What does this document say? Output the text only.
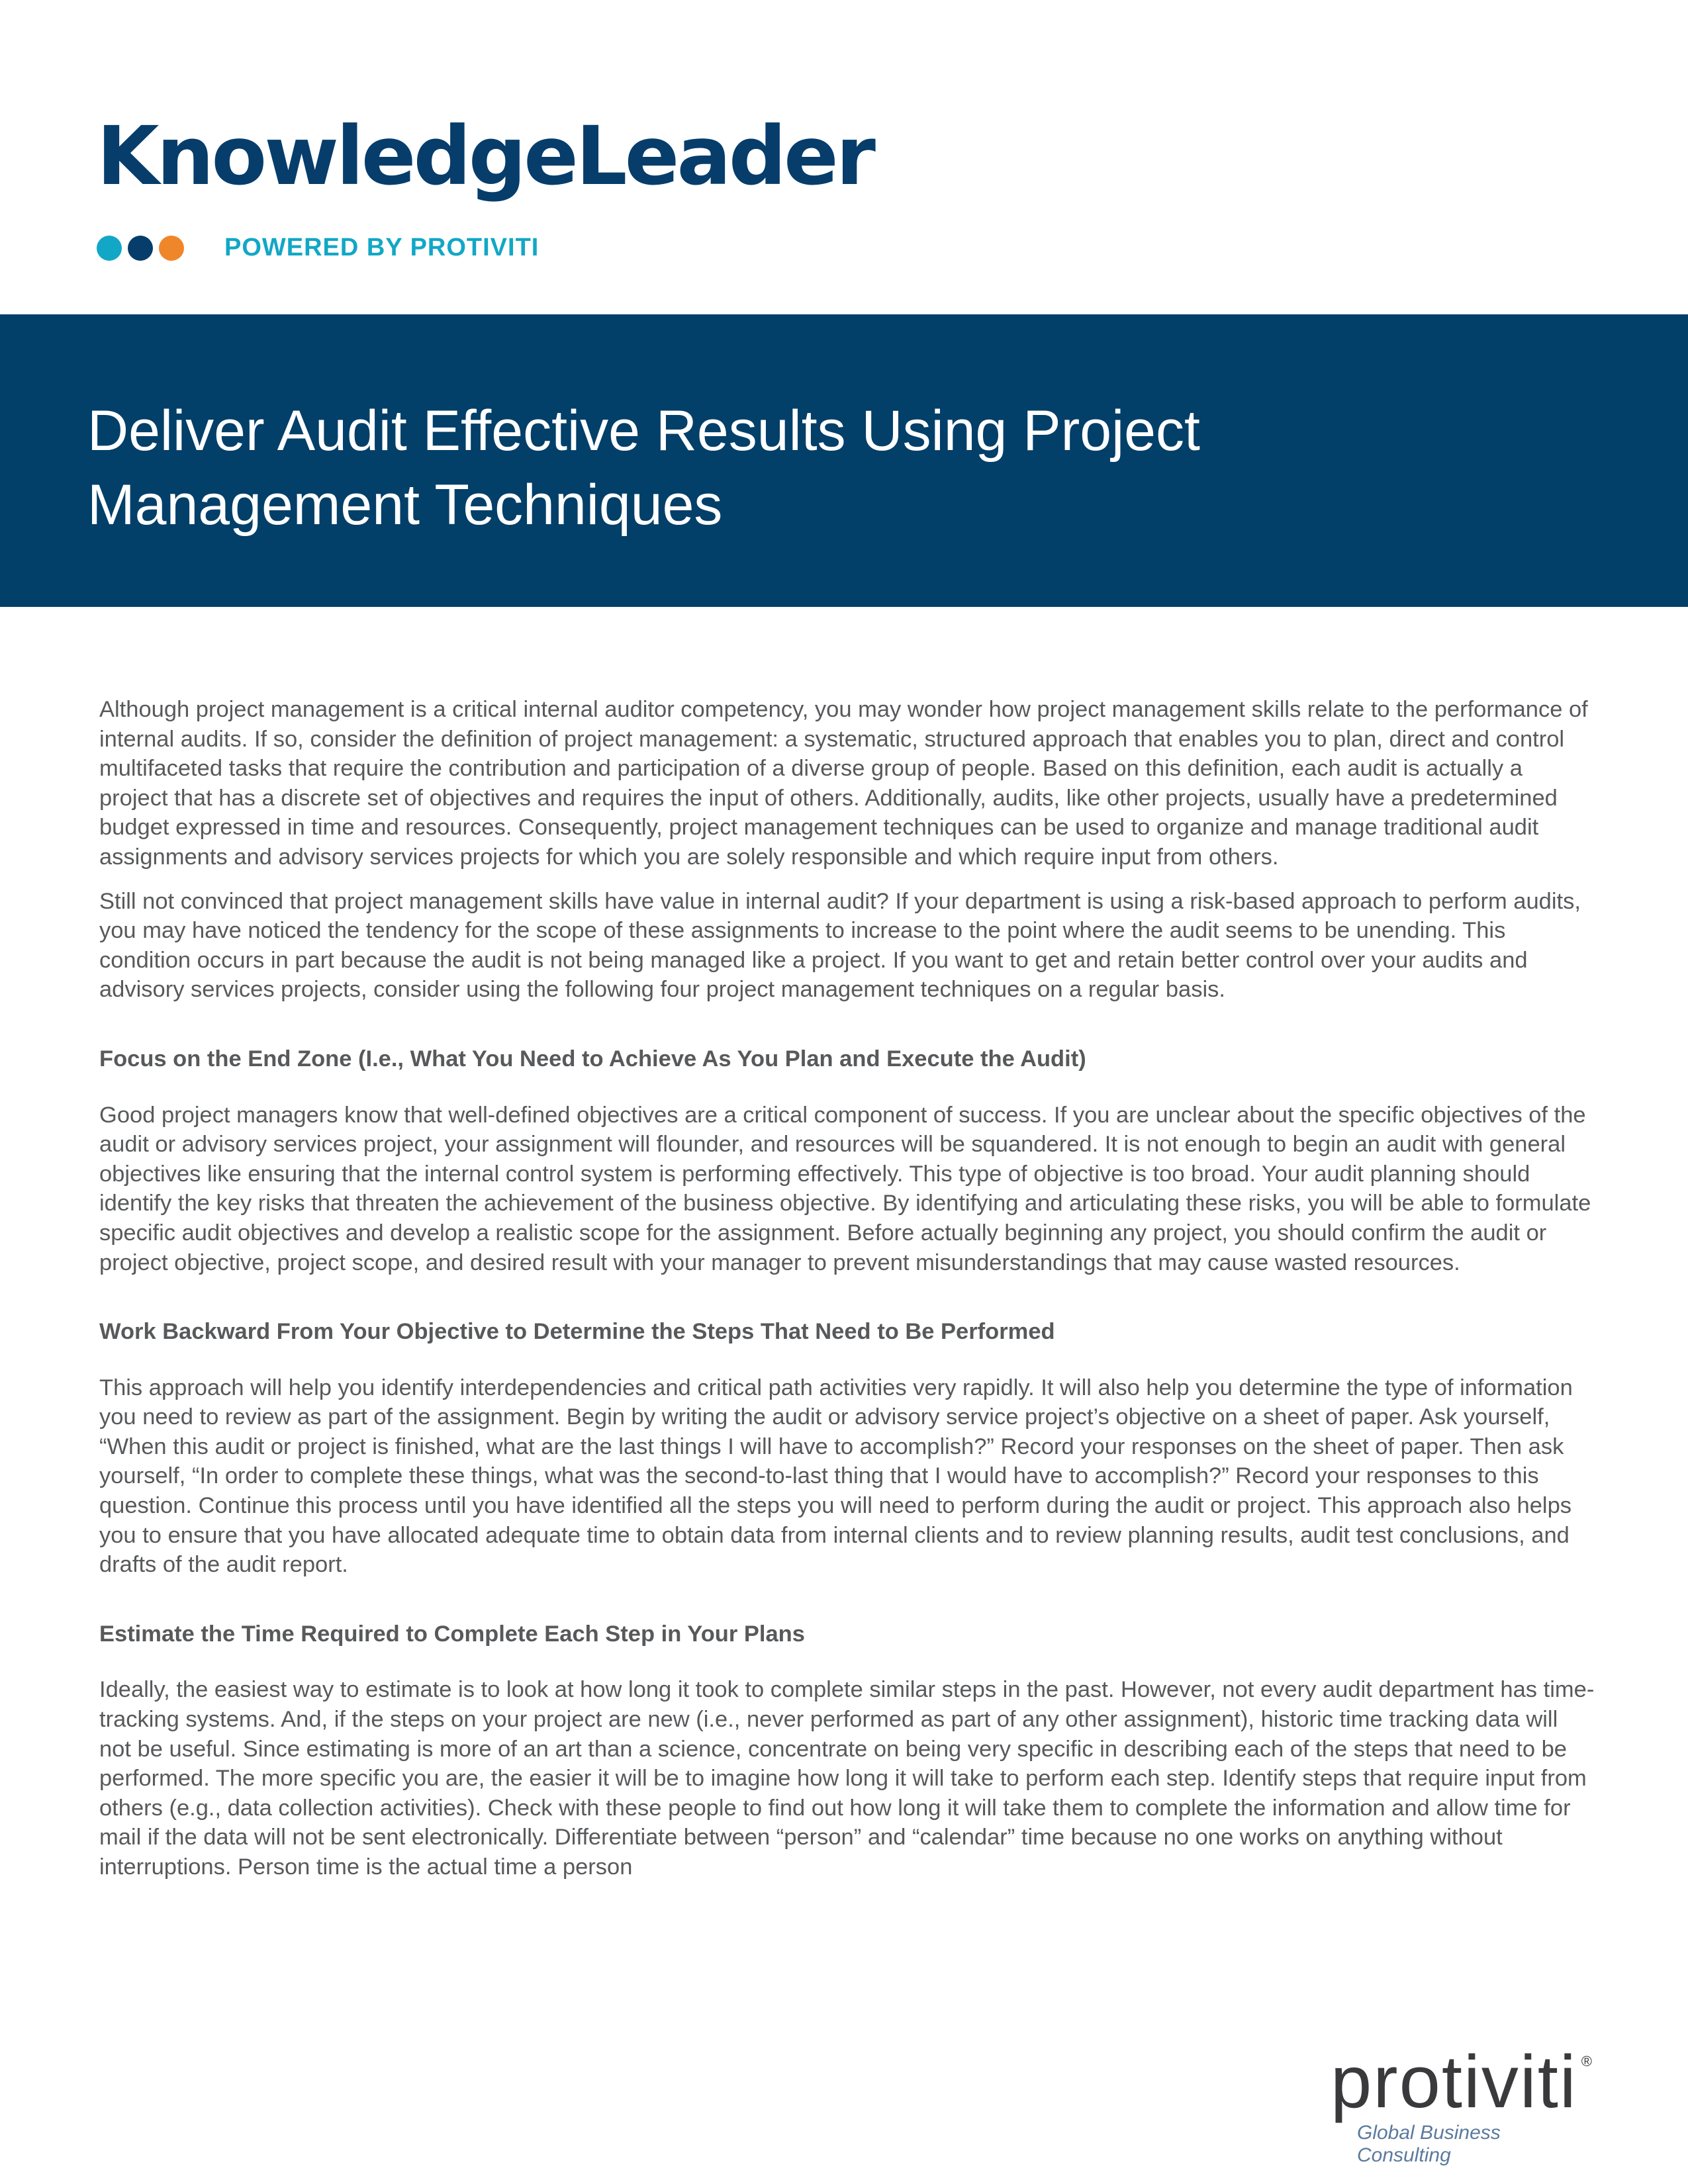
KnowledgeLeader
POWERED BY PROTIVITI
Deliver Audit Effective Results Using Project
Management Techniques

Although project management is a critical internal auditor competency, you may wonder how project management skills relate to the performance of internal audits. If so, consider the definition of project management: a systematic, structured approach that enables you to plan, direct and control multifaceted tasks that require the contribution and participation of a diverse group of people. Based on this definition, each audit is actually a project that has a discrete set of objectives and requires the input of others. Additionally, audits, like other projects, usually have a predetermined budget expressed in time and resources. Consequently, project management techniques can be used to organize and manage traditional audit assignments and advisory services projects for which you are solely responsible and which require input from others.

Still not convinced that project management skills have value in internal audit? If your department is using a risk-based approach to perform audits, you may have noticed the tendency for the scope of these assignments to increase to the point where the audit seems to be unending. This condition occurs in part because the audit is not being managed like a project. If you want to get and retain better control over your audits and advisory services projects, consider using the following four project management techniques on a regular basis.

Focus on the End Zone (I.e., What You Need to Achieve As You Plan and Execute the Audit)

Good project managers know that well-defined objectives are a critical component of success. If you are unclear about the specific objectives of the audit or advisory services project, your assignment will flounder, and resources will be squandered. It is not enough to begin an audit with general objectives like ensuring that the internal control system is performing effectively. This type of objective is too broad. Your audit planning should identify the key risks that threaten the achievement of the business objective. By identifying and articulating these risks, you will be able to formulate specific audit objectives and develop a realistic scope for the assignment. Before actually beginning any project, you should confirm the audit or project objective, project scope, and desired result with your manager to prevent misunderstandings that may cause wasted resources.

Work Backward From Your Objective to Determine the Steps That Need to Be Performed

This approach will help you identify interdependencies and critical path activities very rapidly. It will also help you determine the type of information you need to review as part of the assignment. Begin by writing the audit or advisory service project’s objective on a sheet of paper. Ask yourself, “When this audit or project is finished, what are the last things I will have to accomplish?” Record your responses on the sheet of paper. Then ask yourself, “In order to complete these things, what was the second-to-last thing that I would have to accomplish?” Record your responses to this question. Continue this process until you have identified all the steps you will need to perform during the audit or project. This approach also helps you to ensure that you have allocated adequate time to obtain data from internal clients and to review planning results, audit test conclusions, and drafts of the audit report.

Estimate the Time Required to Complete Each Step in Your Plans

Ideally, the easiest way to estimate is to look at how long it took to complete similar steps in the past. However, not every audit department has time-tracking systems. And, if the steps on your project are new (i.e., never performed as part of any other assignment), historic time tracking data will not be useful. Since estimating is more of an art than a science, concentrate on being very specific in describing each of the steps that need to be performed. The more specific you are, the easier it will be to imagine how long it will take to perform each step. Identify steps that require input from others (e.g., data collection activities). Check with these people to find out how long it will take them to complete the information and allow time for mail if the data will not be sent electronically. Differentiate between “person” and “calendar” time because no one works on anything without interruptions. Person time is the actual time a person

protiviti ®
Global Business Consulting
